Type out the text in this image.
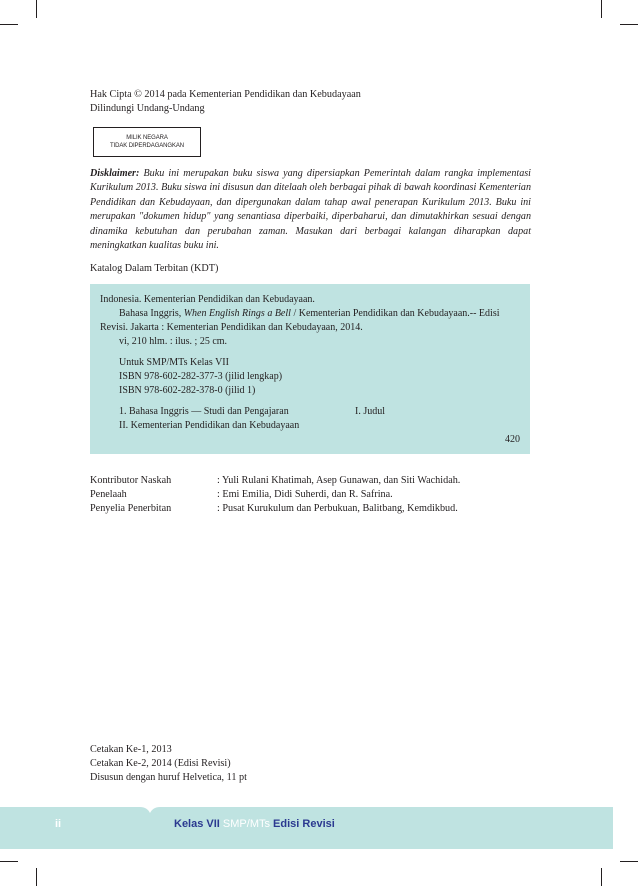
Hak Cipta © 2014 pada Kementerian Pendidikan dan Kebudayaan
Dilindungi Undang-Undang
MILIK NEGARA
TIDAK DIPERDAGANGKAN
Disklaimer: Buku ini merupakan buku siswa yang dipersiapkan Pemerintah dalam rangka implementasi Kurikulum 2013. Buku siswa ini disusun dan ditelaah oleh berbagai pihak di bawah koordinasi Kementerian Pendidikan dan Kebudayaan, dan dipergunakan dalam tahap awal penerapan Kurikulum 2013. Buku ini merupakan "dokumen hidup" yang senantiasa diperbaiki, diperbaharui, dan dimutakhirkan sesuai dengan dinamika kebutuhan dan perubahan zaman. Masukan dari berbagai kalangan diharapkan dapat meningkatkan kualitas buku ini.
Katalog Dalam Terbitan (KDT)
Indonesia. Kementerian Pendidikan dan Kebudayaan.
Bahasa Inggris, When English Rings a Bell / Kementerian Pendidikan dan Kebudayaan.-- Edisi
Revisi. Jakarta : Kementerian Pendidikan dan Kebudayaan, 2014.
vi, 210 hlm. : ilus. ; 25 cm.
Untuk SMP/MTs Kelas VII
ISBN 978-602-282-377-3 (jilid lengkap)
ISBN 978-602-282-378-0 (jilid 1)
1. Bahasa Inggris — Studi dan Pengajaran	I. Judul
II. Kementerian Pendidikan dan Kebudayaan
420
Kontributor Naskah	: Yuli Rulani Khatimah, Asep Gunawan, dan Siti Wachidah.
Penelaah	: Emi Emilia, Didi Suherdi, dan R. Safrina.
Penyelia Penerbitan	: Pusat Kurukulum dan Perbukuan, Balitbang, Kemdikbud.
Cetakan Ke-1, 2013
Cetakan Ke-2, 2014 (Edisi Revisi)
Disusun dengan huruf Helvetica, 11 pt
ii	Kelas VII SMP/MTs Edisi Revisi
